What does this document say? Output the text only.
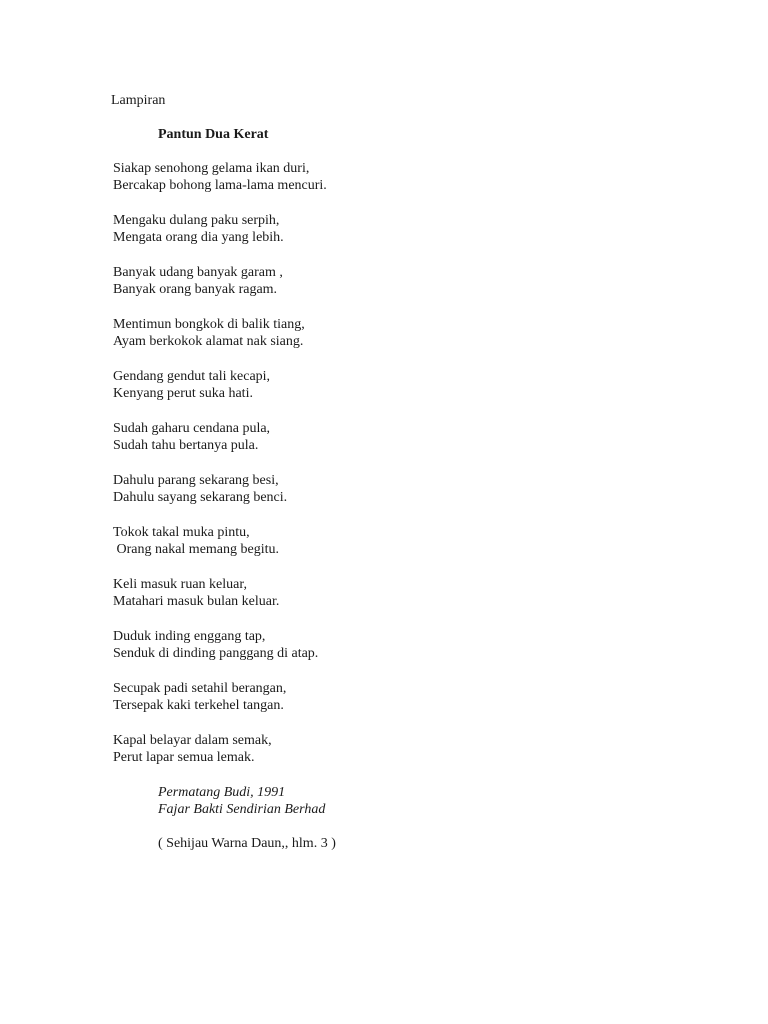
Lampiran

Pantun Dua Kerat

Siakap senohong gelama ikan duri,
Bercakap bohong lama-lama mencuri.
Mengaku dulang paku serpih,
Mengata orang dia yang lebih.
Banyak udang banyak garam ,
Banyak orang banyak ragam.
Mentimun bongkok di balik tiang,
Ayam berkokok alamat nak siang.
Gendang gendut tali kecapi,
Kenyang perut suka hati.
Sudah gaharu cendana pula,
Sudah tahu bertanya pula.
Dahulu parang sekarang besi,
Dahulu sayang sekarang benci.
Tokok takal muka pintu,
Orang nakal memang begitu.
Keli masuk ruan keluar,
Matahari masuk bulan keluar.
Duduk inding enggang tap,
Senduk di dinding panggang di atap.
Secupak padi setahil berangan,
Tersepak kaki terkehel tangan.
Kapal belayar dalam semak,
Perut lapar semua lemak.
Permatang Budi, 1991
Fajar Bakti Sendirian Berhad

( Sehijau Warna Daun,, hlm. 3 )
